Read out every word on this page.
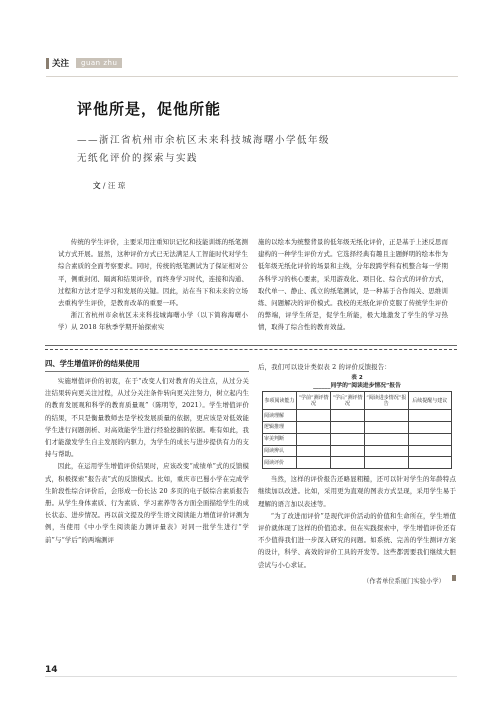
关注	guan zhu
评他所是，促他所能
——浙江省杭州市余杭区未来科技城海曙小学低年级
无纸化评价的探索与实践
文 / 汪 琼

传统的学生评价，主要采用注重知识记忆和技能训练的纸笔测试方式开展。显然，这种评价方式已无法满足人工智能时代对学生综合素质的全面考察要求。同时，传统的纸笔测试为了保证相对公平，侧重封闭、隔离和结果评价，而终身学习时代，连接和沟通、过程和方法才是学习和发展的关键。因此，站在当下和未来的立场去重构学生评价，是教育改革的重要一环。

浙江省杭州市余杭区未来科技城海曙小学（以下简称海曙小学）从 2018 年秋季学期开始探索实

施的以绘本为统整背景的低年级无纸化评价，正是基于上述反思而建构的一种学生评价方式。它选择经典有趣且主题鲜明的绘本作为低年级无纸化评价的场景和主线，分年段跨学科有机整合每一学期各科学习的核心要素，采用游戏化、项目化、综合式的评价方式，取代单一、静止、孤立的纸笔测试，是一种基于合作闯关、思维训练、问题解决的评价模式。我校的无纸化评价克服了传统学生评价的弊端，评学生所是，促学生所能，极大地激发了学生的学习热情，取得了综合性的教育效益。

四、学生增值评价的结果使用

实施增值评价的初衷，在于“改变人们对教育的关注点，从过分关注结果转向更关注过程，从过分关注条件转向更关注努力，树立起内生的教育发展观和科学的教育质量观”（陈明等，2021）。学生增值评价的结果，不只是衡量教师去是学校发展质量的依据，更应该是对低效能学生进行问题剖析、对高效能学生进行经验挖掘的依据。唯有如此，我们才能激发学生自主发展的内驱力，为学生的成长与进步提供有力的支持与帮助。

因此，在运用学生增值评价结果时，应该改变“成绩单”式的反馈模式，积极探索“报告表”式的反馈模式。比如，重庆市巴蜀小学在完成学生阶段性综合评价后，会形成一份长达 20 多页的电子版综合素质报告册。从学生身体素质、行为素质、学习素养等各方面全面描绘学生的成长状态、进步情况。再以前文提及的学生语文阅读能力增值评价评测为例，当使用《中小学生阅读能力测评量表》对同一批学生进行“学前”与“学后”的两端测评

后，我们可以设计类似表 2 的评价反馈报告：

表 2
______同学的“阅读进步情况”报告
参项阅读能力	“学前”测评情况	“学后”测评情况	“阅读进步情况”报告	后续提醒与建议
阅读理解				
逻辑推理				
审美判断				
阅读辨认				
阅读评价				

当然，这样的评价报告还略显粗糙，还可以针对学生的年龄特点继续加以改进。比如，采用更为直观的图表方式呈现，采用学生易于理解的语言加以表述等。

“为了改进而评价”是现代评价活动的价值和生命所在，学生增值评价就体现了这样的价值追求。但在实践探索中，学生增值评价还有不少值得我们进一步深入研究的问题。如系统、完善的学生测评方案的设计，科学、高效的评价工具的开发等。这些都需要我们继续大胆尝试与小心求证。

（作者单位系厦门实验小学）
14
